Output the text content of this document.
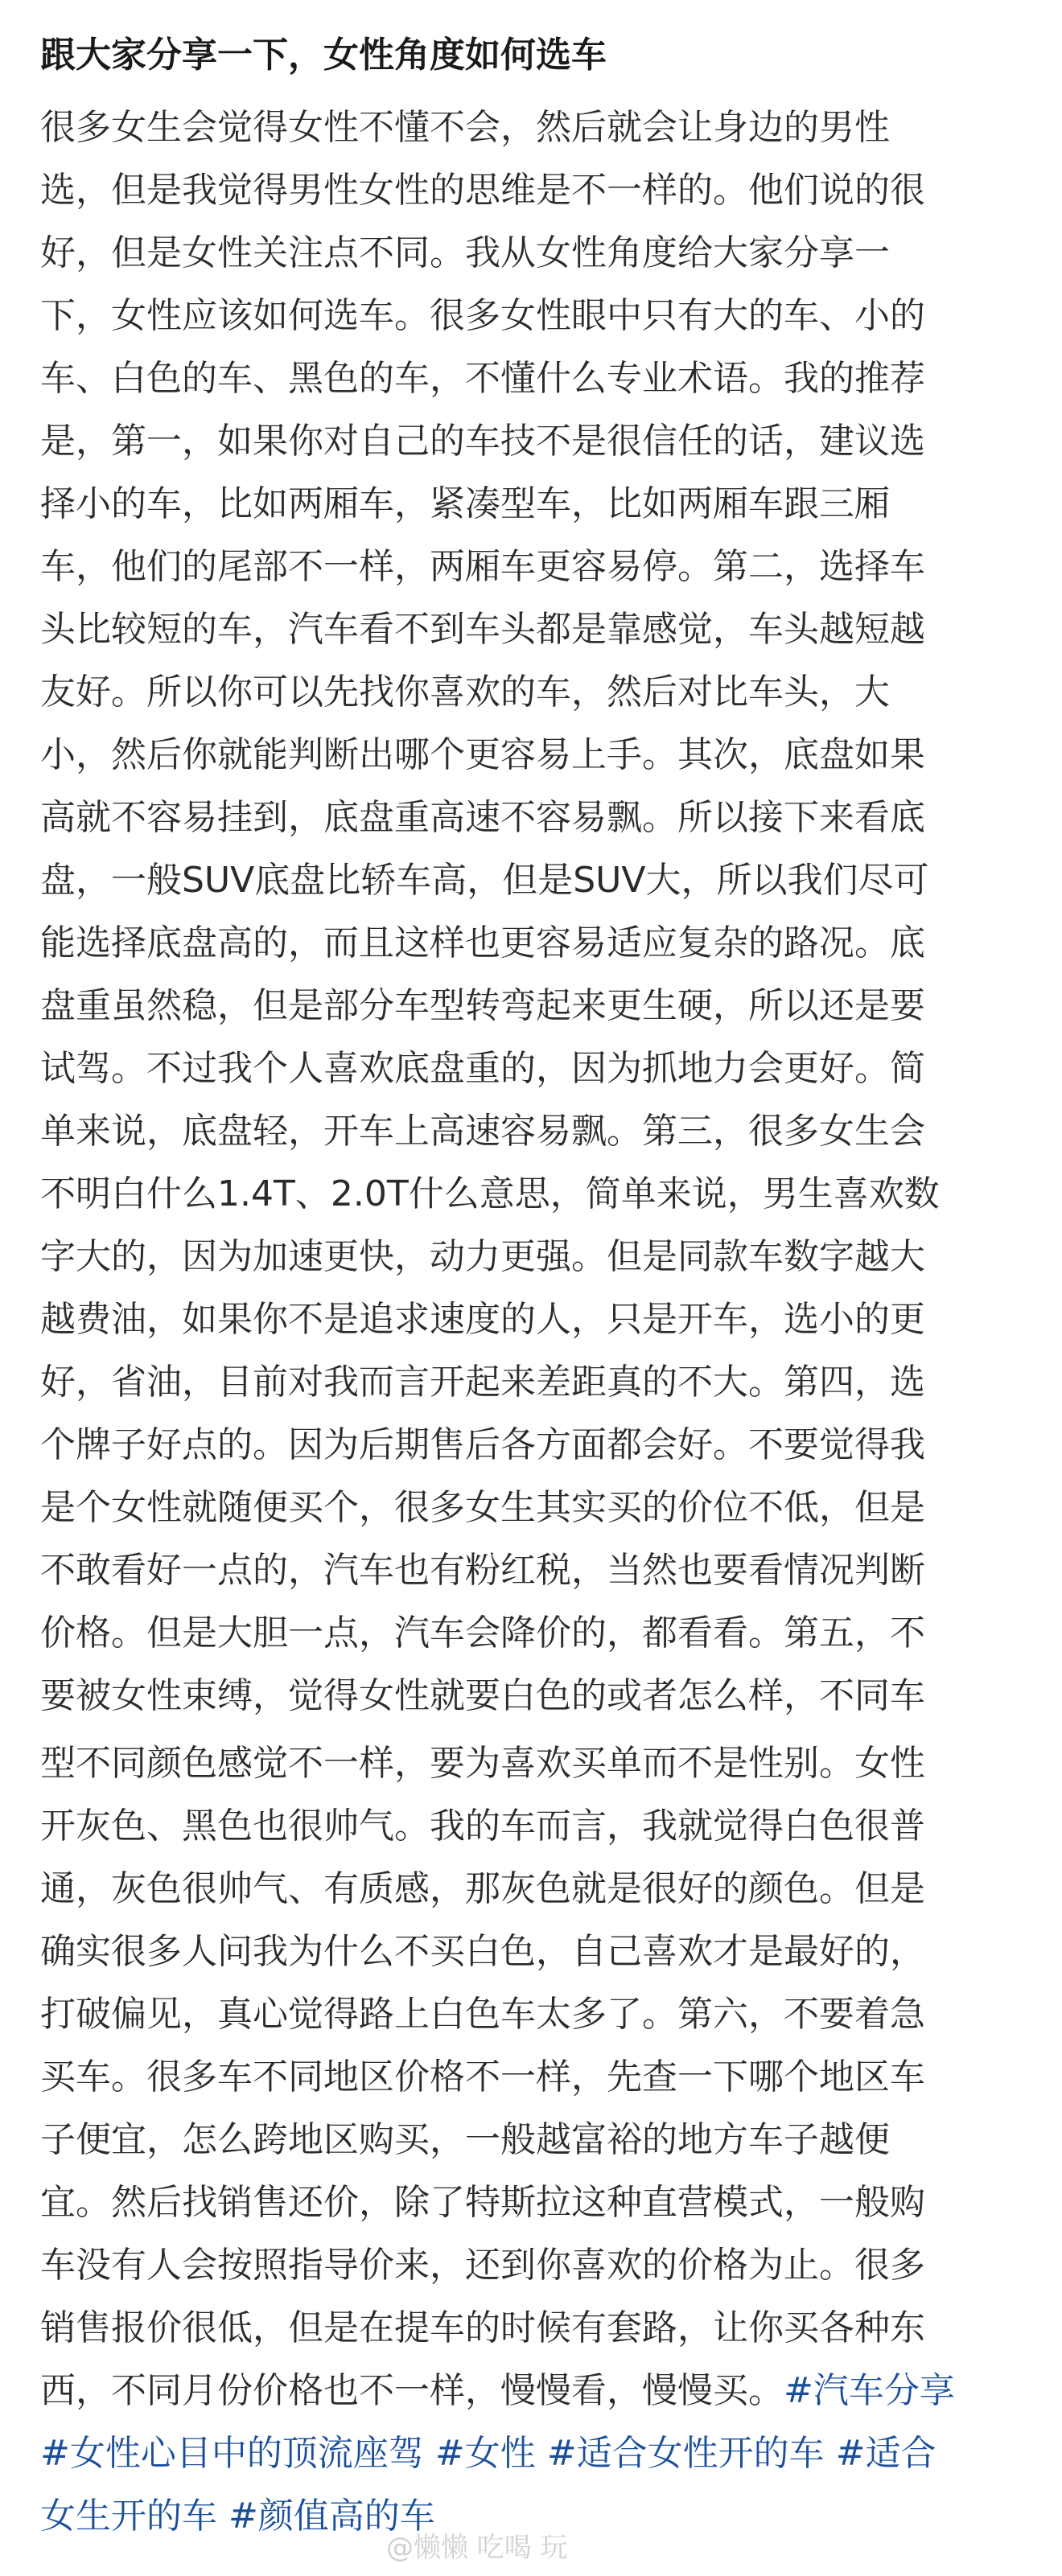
跟大家分享一下，女性角度如何选车
很多女生会觉得女性不懂不会，然后就会让身边的男性
选，但是我觉得男性女性的思维是不一样的。他们说的很
好，但是女性关注点不同。我从女性角度给大家分享一
下，女性应该如何选车。很多女性眼中只有大的车、小的
车、白色的车、黑色的车，不懂什么专业术语。我的推荐
是，第一，如果你对自己的车技不是很信任的话，建议选
择小的车，比如两厢车，紧凑型车，比如两厢车跟三厢
车，他们的尾部不一样，两厢车更容易停。第二，选择车
头比较短的车，汽车看不到车头都是靠感觉，车头越短越
友好。所以你可以先找你喜欢的车，然后对比车头，大
小，然后你就能判断出哪个更容易上手。其次，底盘如果
高就不容易挂到，底盘重高速不容易飘。所以接下来看底
盘，一般SUV底盘比轿车高，但是SUV大，所以我们尽可
能选择底盘高的，而且这样也更容易适应复杂的路况。底
盘重虽然稳，但是部分车型转弯起来更生硬，所以还是要
试驾。不过我个人喜欢底盘重的，因为抓地力会更好。简
单来说，底盘轻，开车上高速容易飘。第三，很多女生会
不明白什么1.4T、2.0T什么意思，简单来说，男生喜欢数
字大的，因为加速更快，动力更强。但是同款车数字越大
越费油，如果你不是追求速度的人，只是开车，选小的更
好，省油，目前对我而言开起来差距真的不大。第四，选
个牌子好点的。因为后期售后各方面都会好。不要觉得我
是个女性就随便买个，很多女生其实买的价位不低，但是
不敢看好一点的，汽车也有粉红税，当然也要看情况判断
价格。但是大胆一点，汽车会降价的，都看看。第五，不
要被女性束缚，觉得女性就要白色的或者怎么样，不同车
型不同颜色感觉不一样，要为喜欢买单而不是性别。女性
开灰色、黑色也很帅气。我的车而言，我就觉得白色很普
通，灰色很帅气、有质感，那灰色就是很好的颜色。但是
确实很多人问我为什么不买白色，自己喜欢才是最好的，
打破偏见，真心觉得路上白色车太多了。第六，不要着急
买车。很多车不同地区价格不一样，先查一下哪个地区车
子便宜，怎么跨地区购买，一般越富裕的地方车子越便
宜。然后找销售还价，除了特斯拉这种直营模式，一般购
车没有人会按照指导价来，还到你喜欢的价格为止。很多
销售报价很低，但是在提车的时候有套路，让你买各种东
西，不同月份价格也不一样，慢慢看，慢慢买。#汽车分享
#女性心目中的顶流座驾 #女性 #适合女性开的车 #适合
女生开的车 #颜值高的车
@懒懒 吃喝 玩
